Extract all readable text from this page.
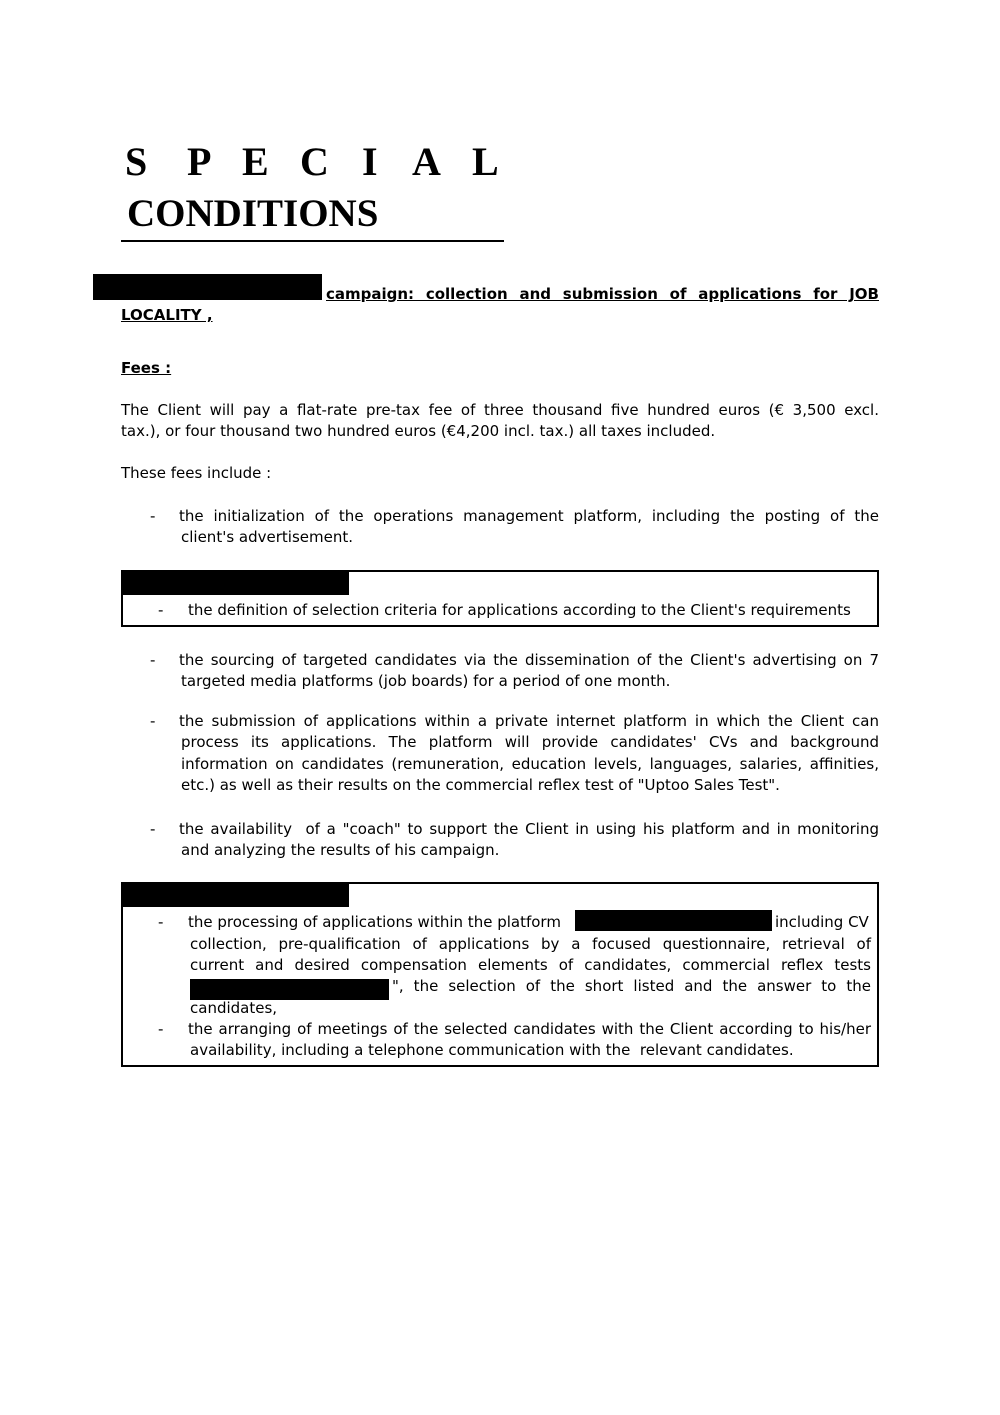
S P E C I A L
CONDITIONS
campaign: collection and submission of applications for JOB
LOCALITY ,
Fees :
The Client will pay a flat-rate pre-tax fee of three thousand five hundred euros (€ 3,500 excl.
tax.), or four thousand two hundred euros (€4,200 incl. tax.) all taxes included.
These fees include :
- the initialization of the operations management platform, including the posting of the
client's advertisement.
- the definition of selection criteria for applications according to the Client's requirements
- the sourcing of targeted candidates via the dissemination of the Client's advertising on 7
targeted media platforms (job boards) for a period of one month.
- the submission of applications within a private internet platform in which the Client can
process its applications. The platform will provide candidates' CVs and background
information on candidates (remuneration, education levels, languages, salaries, affinities,
etc.) as well as their results on the commercial reflex test of "Uptoo Sales Test".
- the availability  of a "coach" to support the Client in using his platform and in monitoring
and analyzing the results of his campaign.
- the processing of applications within the platform	including CV
collection, pre-qualification of applications by a focused questionnaire, retrieval of
current and desired compensation elements of candidates, commercial reflex tests
", the selection of the short listed and the answer to the
candidates,
- the arranging of meetings of the selected candidates with the Client according to his/her
availability, including a telephone communication with the  relevant candidates.
